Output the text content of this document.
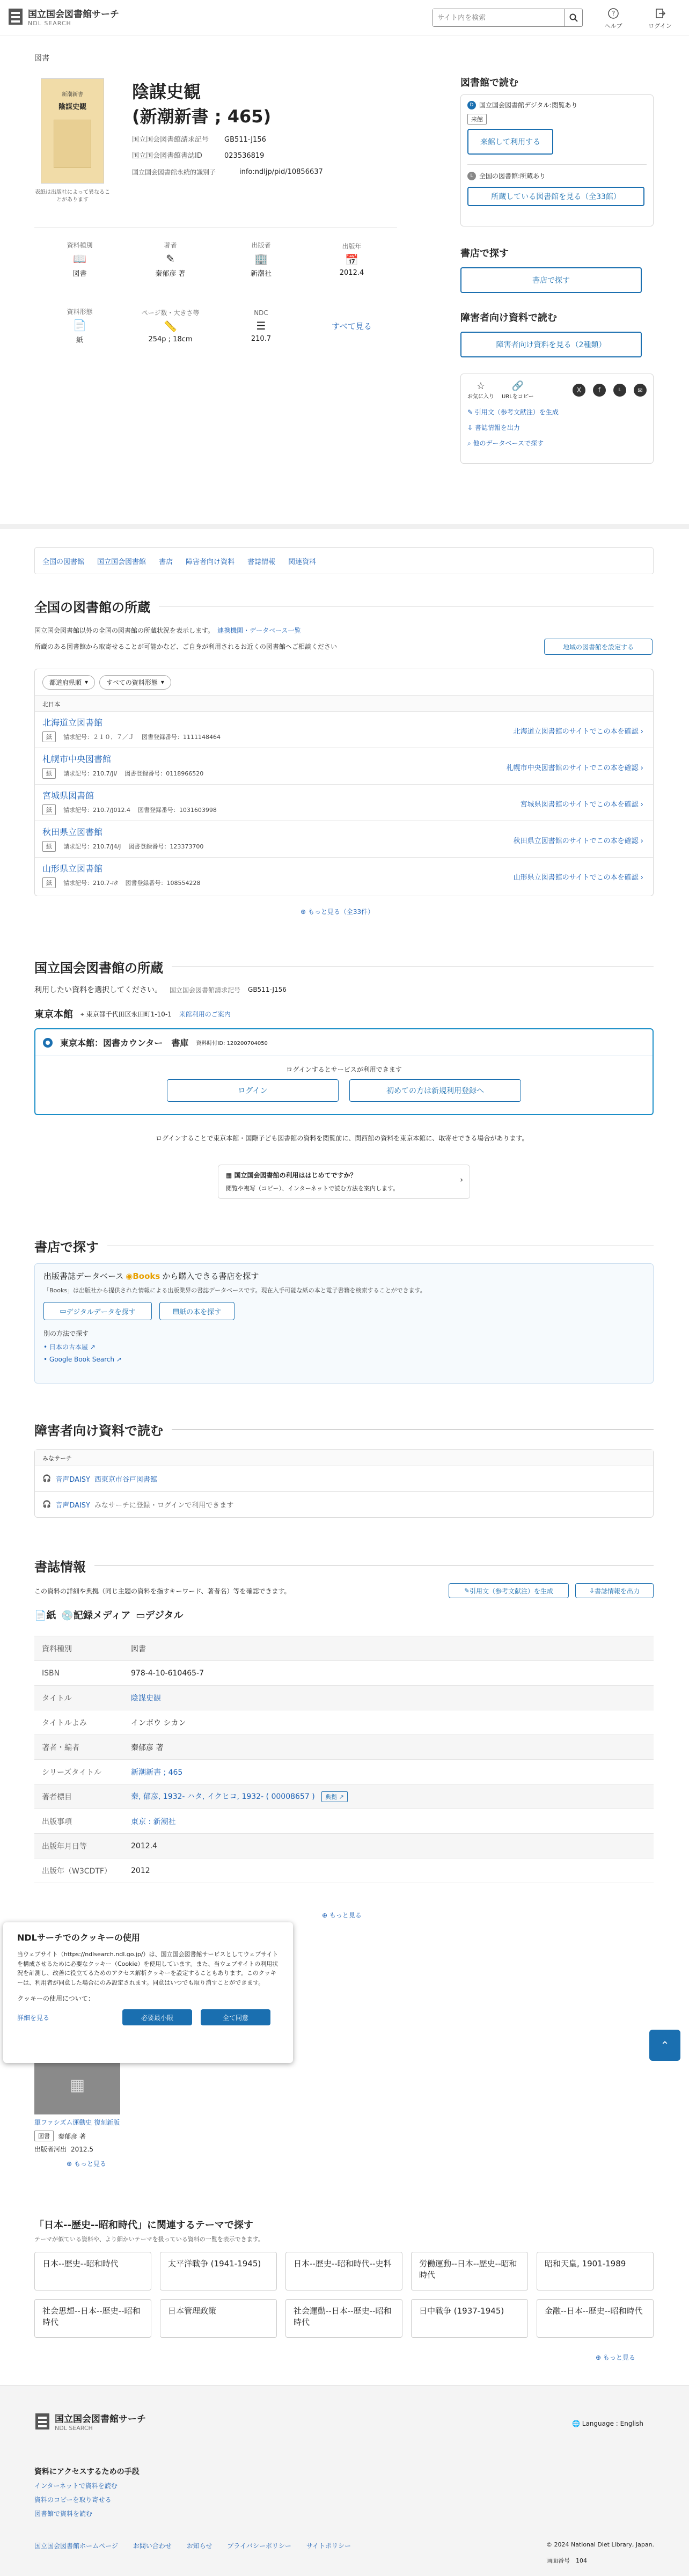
国立国会図書館サーチ
NDL SEARCH
サイト内を検索
?
ヘルプ	ログイン
図書
新潮新書
陰謀史観
表紙は出版社によって異なることがあります
陰謀史観
(新潮新書 ; 465)
国立国会図書館請求記号	GB511-J156
国立国会図書館書誌ID	023536819
国立国会図書館永続的識別子	info:ndljp/pid/10856637
資料種別
📖
図書
著者
✎
秦郁彦 著
出版者
🏢
新潮社
出版年
📅
2012.4
資料形態
📄
紙
ページ数・大きさ等
📏
254p ; 18cm
NDC
☰
210.7
すべて見る
図書館で読む
D 国立国会図書館デジタル:閲覧あり
来館
来館して利用する
L 全国の図書館:所蔵あり
所蔵している図書館を見る（全33館）
書店で探す
書店で探す
障害者向け資料で読む
障害者向け資料を見る（2種類）
☆
お気に入り
🔗
URLをコピー
X	f	L	✉
✎ 引用文（参考文献注）を生成
⇩ 書誌情報を出力
⌕ 他のデータベースで探す
全国の図書館 国立国会図書館 書店 障害者向け資料 書誌情報 関連資料
全国の図書館の所蔵
国立国会図書館以外の全国の図書館の所蔵状況を表示します。　 連携機関・データベース一覧
所蔵のある図書館から取寄せることが可能かなど、ご自身が利用されるお近くの図書館へご相談ください	地域の図書館を設定する
都道府県順 ▾	すべての資料形態 ▾
北日本
北海道立図書館
紙	請求記号：２１０．７／Ｊ 図書登録番号：1111148464
北海道立図書館のサイトでこの本を確認 ›
札幌市中央図書館
紙	請求記号：210.7/Ji/ 図書登録番号：0118966520
札幌市中央図書館のサイトでこの本を確認 ›
宮城県図書館
紙	請求記号：210.7/J012.4 図書登録番号：1031603998
宮城県図書館のサイトでこの本を確認 ›
秋田県立図書館
紙	請求記号：210.7/J4/J 図書登録番号：123373700
秋田県立図書館のサイトでこの本を確認 ›
山形県立図書館
紙	請求記号：210.7-ﾊﾀ 図書登録番号：108554228
山形県立図書館のサイトでこの本を確認 ›
⊕ もっと見る（全33件）
国立国会図書館の所蔵
利用したい資料を選択してください。 国立国会図書館請求記号 GB511-J156
東京本館 ⌖ 東京都千代田区永田町1-10-1 来館利用のご案内
東京本館：図書カウンター　書庫 資料時付ID: 120200704050
ログインするとサービスが利用できます
ログイン	初めての方は新規利用登録へ
ログインすることで東京本館・国際子ども図書館の資料を閲覧前に、関西館の資料を東京本館に、取寄せできる場合があります。
▦ 国立国会図書館の利用ははじめてですか？
閲覧や複写（コピー）、インターネットで読む方法を案内します。
›
書店で探す
出版書誌データベース ◉Books から購入できる書店を探す
「Books」は出版社から提供された情報による出版業界の書誌データベースです。現在入手可能な紙の本と電子書籍を検索することができます。
▭ デジタルデータを探す	▤ 紙の本を探す
別の方法で探す
• 日本の古本屋 ↗
• Google Book Search ↗
障害者向け資料で読む
みなサーチ
🎧 音声DAISY 西東京市谷戸図書館
🎧 音声DAISY みなサーチに登録・ログインで利用できます
書誌情報
この資料の詳細や典拠（同じ主題の資料を指すキーワード、著者名）等を確認できます。	✎ 引用文（参考文献注）を生成	⇩ 書誌情報を出力
📄紙 💿記録メディア ▭デジタル
資料種別	図書
ISBN	978-4-10-610465-7
タイトル	陰謀史観
タイトルよみ	インボウ シカン
著者・編者	秦郁彦 著
シリーズタイトル	新潮新書 ; 465
著者標目	秦, 郁彦, 1932- ハタ, イクヒコ, 1932- ( 00008657 ) 典拠 ↗
出版事項	東京 : 新潮社
出版年月日等	2012.4
出版年（W3CDTF）	2012
⊕ もっと見る
▦
軍ファシズム運動史 復刻新版
図書	秦郁彦 著
出版者河出 2012.5
⊕ もっと見る
NDLサーチでのクッキーの使用
当ウェブサイト（https://ndlsearch.ndl.go.jp/）は、国立国会図書館サービスとしてウェブサイトを構成させるために必要なクッキー（Cookie）を使用しています。また、当ウェブサイトの利用状況を計測し、改善に役立てるためのアクセス解析クッキーを設定することもあります。このクッキーは、利用者が同意した場合にのみ設定されます。同意はいつでも取り消すことができます。
クッキーの使用について：
詳細を見る	必要最小限	全て同意
⌃
「日本--歴史--昭和時代」に関連するテーマで探す
テーマが似ている資料や、より細かいテーマを扱っている資料の一覧を表示できます。
日本--歴史--昭和時代	太平洋戦争 (1941-1945)	日本--歴史--昭和時代--史料	労働運動--日本--歴史--昭和時代
昭和天皇, 1901-1989
社会思想--日本--歴史--昭和時代
日本管理政策	社会運動--日本--歴史--昭和時代
日中戦争 (1937-1945)	金融--日本--歴史--昭和時代
⊕ もっと見る
国立国会図書館サーチ
NDL SEARCH
🌐 Language : English
資料にアクセスするための手段
インターネットで資料を読む
資料のコピーを取り寄せる
図書館で資料を読む
国立国会図書館ホームページ お問い合わせ お知らせ プライバシーポリシー サイトポリシー	© 2024 National Diet Library, Japan.
画面番号　 104
